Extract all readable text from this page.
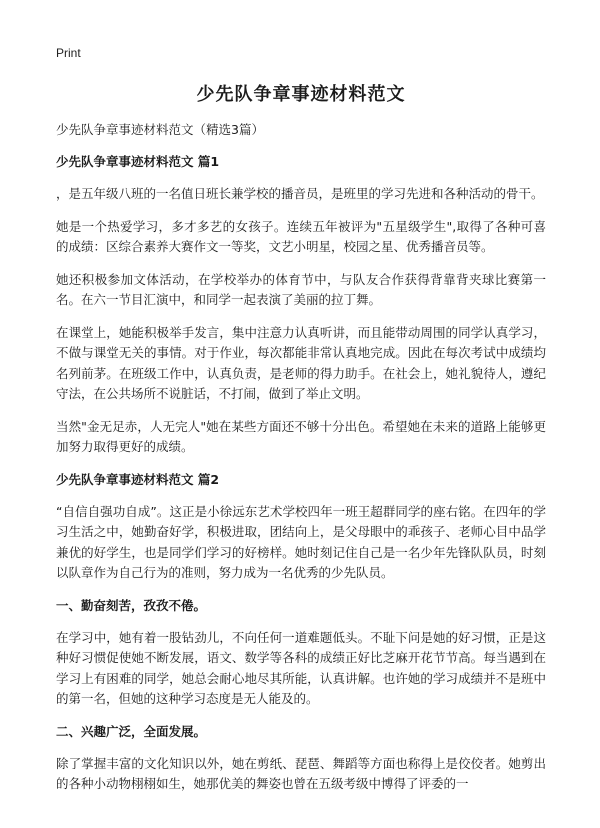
Print

少先队争章事迹材料范文

少先队争章事迹材料范文（精选3篇）

少先队争章事迹材料范文 篇1

，是五年级八班的一名值日班长兼学校的播音员，是班里的学习先进和各种活动的骨干。

她是一个热爱学习，多才多艺的女孩子。连续五年被评为"五星级学生",取得了各种可喜的成绩：区综合素养大赛作文一等奖，文艺小明星，校园之星、优秀播音员等。

她还积极参加文体活动，在学校举办的体育节中，与队友合作获得背靠背夹球比赛第一名。在六一节目汇演中，和同学一起表演了美丽的拉丁舞。

在课堂上，她能积极举手发言，集中注意力认真听讲，而且能带动周围的同学认真学习，不做与课堂无关的事情。对于作业，每次都能非常认真地完成。因此在每次考试中成绩均名列前茅。在班级工作中，认真负责，是老师的得力助手。在社会上，她礼貌待人，遵纪守法，在公共场所不说脏话，不打闹，做到了举止文明。

当然"金无足赤，人无完人"她在某些方面还不够十分出色。希望她在未来的道路上能够更加努力取得更好的成绩。

少先队争章事迹材料范文 篇2

“自信自强功自成”。这正是小徐远东艺术学校四年一班王超群同学的座右铭。在四年的学习生活之中，她勤奋好学，积极进取，团结向上，是父母眼中的乖孩子、老师心目中品学兼优的好学生，也是同学们学习的好榜样。她时刻记住自己是一名少年先锋队队员，时刻以队章作为自己行为的准则，努力成为一名优秀的少先队员。

一、勤奋刻苦，孜孜不倦。

在学习中，她有着一股钻劲儿，不向任何一道难题低头。不耻下问是她的好习惯，正是这种好习惯促使她不断发展，语文、数学等各科的成绩正好比芝麻开花节节高。每当遇到在学习上有困难的同学，她总会耐心地尽其所能，认真讲解。也许她的学习成绩并不是班中的第一名，但她的这种学习态度是无人能及的。

二、兴趣广泛，全面发展。

除了掌握丰富的文化知识以外，她在剪纸、琵琶、舞蹈等方面也称得上是佼佼者。她剪出的各种小动物栩栩如生，她那优美的舞姿也曾在五级考级中博得了评委的一
